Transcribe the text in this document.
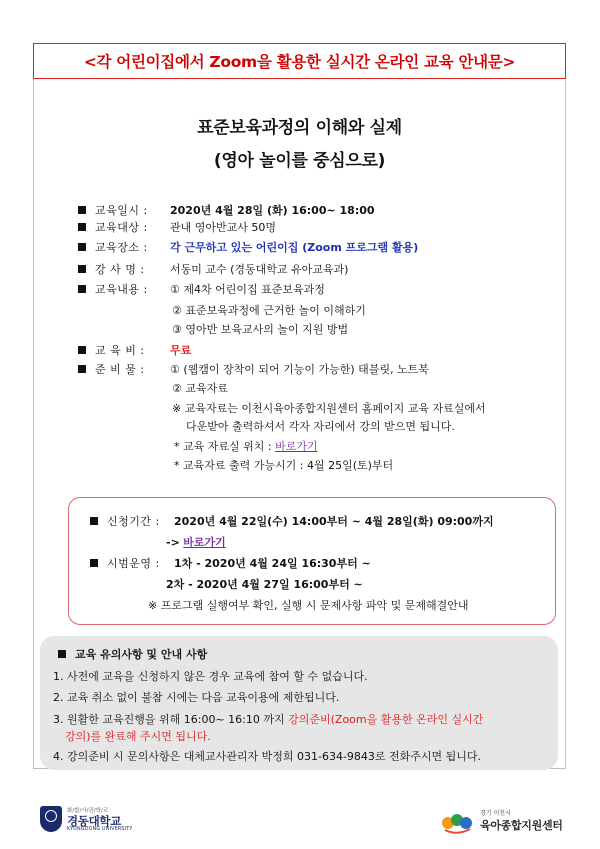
<각 어린이집에서 Zoom을 활용한 실시간 온라인 교육 안내문>
표준보육과정의 이해와 실제
(영아 놀이를 중심으로)
교육일시 : 2020년 4월 28일 (화) 16:00~ 18:00
교육대상 : 관내 영아반교사 50명
교육장소 : 각 근무하고 있는 어린이집 (Zoom 프로그램 활용)
강 사 명 : 서동미 교수 (경동대학교 유아교육과)
교육내용 : ① 제4차 어린이집 표준보육과정
② 표준보육과정에 근거한 놀이 이해하기
③ 영아반 보육교사의 놀이 지원 방법
교 육 비 : 무료
준 비 물 : ① (웹캠이 장착이 되어 기능이 가능한) 태블릿, 노트북
② 교육자료
※ 교육자료는 이천시육아종합지원센터 홈페이지 교육 자료실에서
다운받아 출력하셔서 각자 자리에서 강의 받으면 됩니다.
* 교육 자료실 위치 : 바로가기
* 교육자료 출력 가능시기 : 4월 25일(토)부터
신청기간 : 2020년 4월 22일(수) 14:00부터 ~ 4월 28일(화) 09:00까지
-> 바로가기
시범운영 : 1차 - 2020년 4월 24일 16:30부터 ~
2차 - 2020년 4월 27일 16:00부터 ~
※ 프로그램 실행여부 확인, 실행 시 문제사항 파악 및 문제해결안내
교육 유의사항 및 안내 사항
1. 사전에 교육을 신청하지 않은 경우 교육에 참여 할 수 없습니다.
2. 교육 취소 없이 불참 시에는 다음 교육이용에 제한됩니다.
3. 원활한 교육진행을 위해 16:00~ 16:10 까지 강의준비(Zoom을 활용한 온라인 실시간
강의)를 완료해 주시면 됩니다.
4. 강의준비 시 문의사항은 대체교사관리자 박정희 031-634-9843로 전화주시면 됩니다.
화/합/사/관/학/교
경동대학교
KYUNGDONG UNIVERSITY
경기 이천시
육아종합지원센터
